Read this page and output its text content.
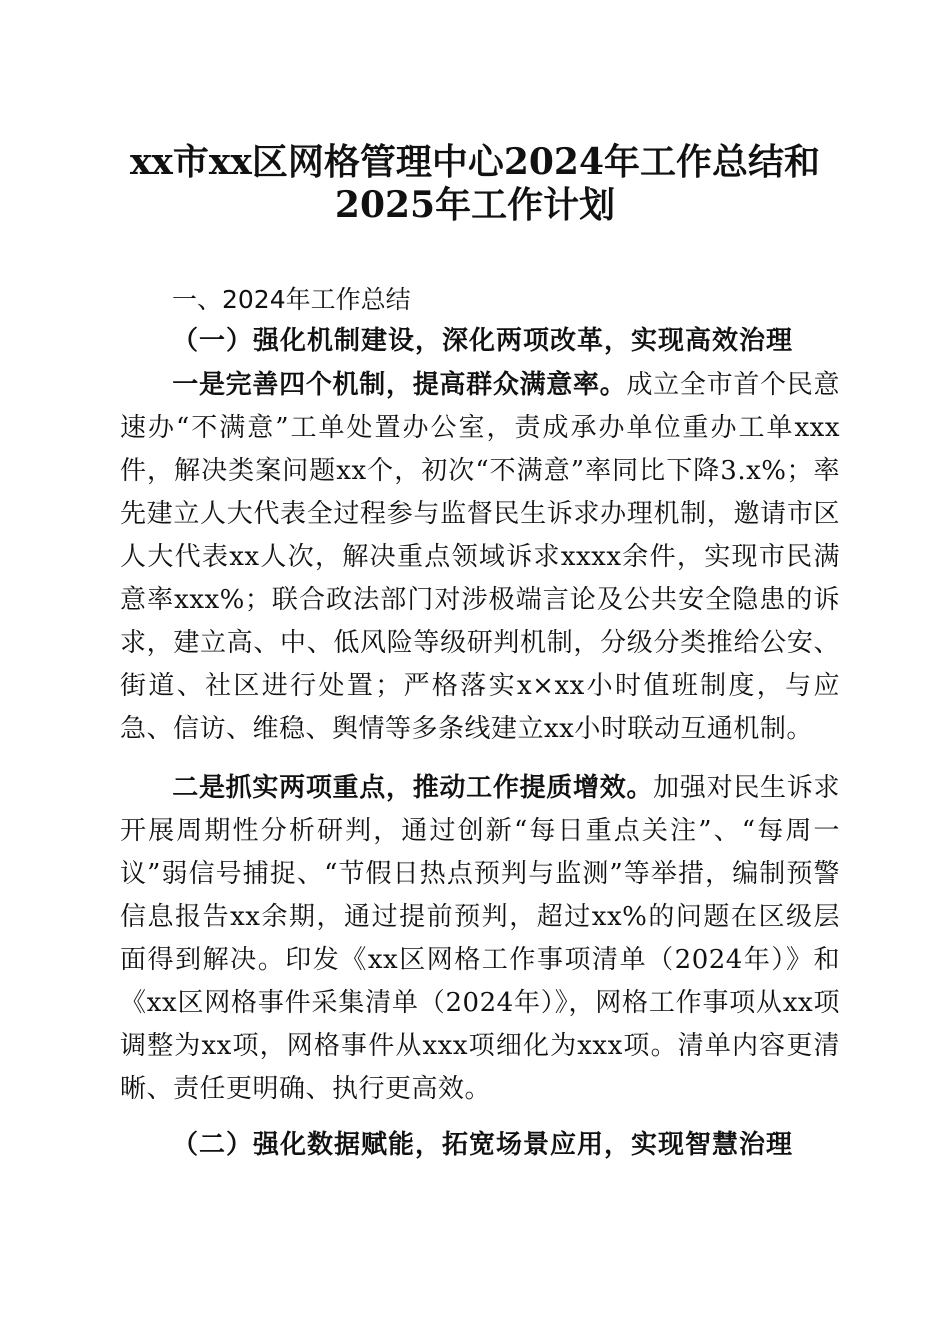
xx市xx区网格管理中心2024年工作总结和
2025年工作计划
一、2024年工作总结
（一）强化机制建设，深化两项改革，实现高效治理
一是完善四个机制，提高群众满意率。成立全市首个民意速办“不满意”工单处置办公室，责成承办单位重办工单xxx件，解决类案问题xx个，初次“不满意”率同比下降3.x%；率先建立人大代表全过程参与监督民生诉求办理机制，邀请市区人大代表xx人次，解决重点领域诉求xxxx余件，实现市民满意率xxx%；联合政法部门对涉极端言论及公共安全隐患的诉求，建立高、中、低风险等级研判机制，分级分类推给公安、街道、社区进行处置；严格落实x×xx小时值班制度，与应急、信访、维稳、舆情等多条线建立xx小时联动互通机制。
二是抓实两项重点，推动工作提质增效。加强对民生诉求开展周期性分析研判，通过创新“每日重点关注”、“每周一议”弱信号捕捉、“节假日热点预判与监测”等举措，编制预警信息报告xx余期，通过提前预判，超过xx%的问题在区级层面得到解决。印发《xx区网格工作事项清单（2024年）》和《xx区网格事件采集清单（2024年）》，网格工作事项从xx项调整为xx项，网格事件从xxx项细化为xxx项。清单内容更清晰、责任更明确、执行更高效。
（二）强化数据赋能，拓宽场景应用，实现智慧治理
